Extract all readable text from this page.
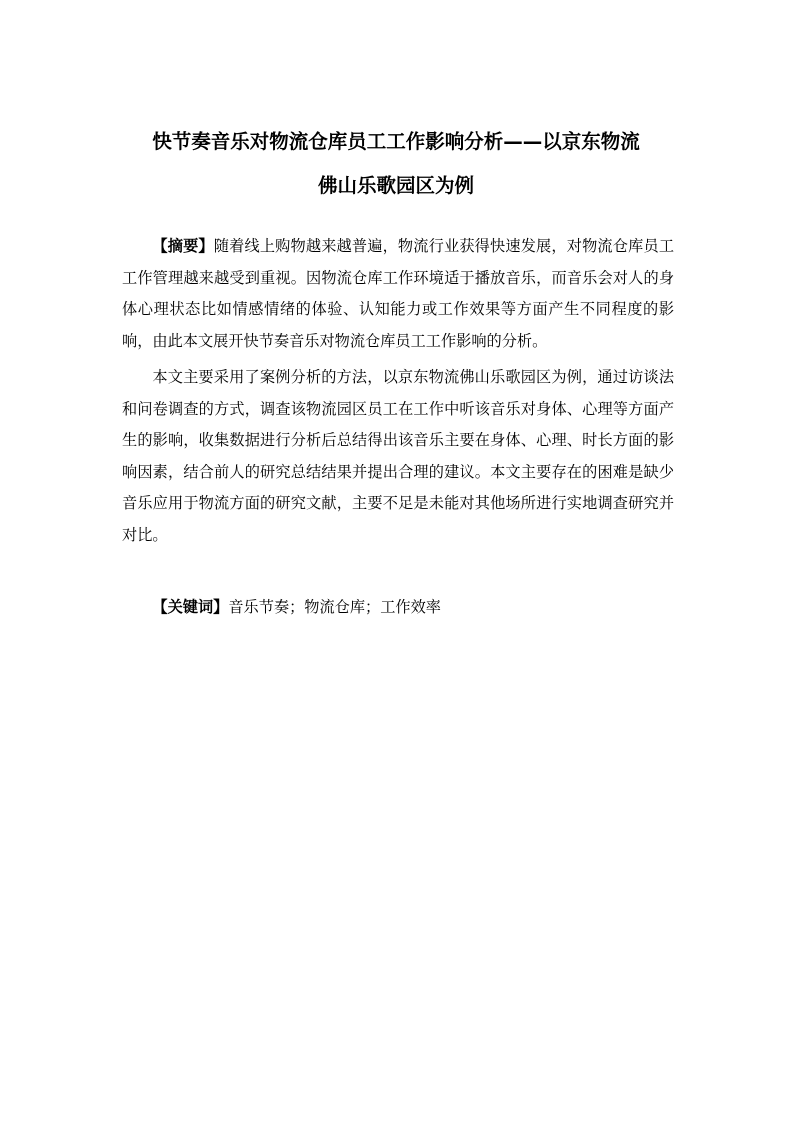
快节奏音乐对物流仓库员工工作影响分析——以京东物流
佛山乐歌园区为例

【摘要】随着线上购物越来越普遍，物流行业获得快速发展，对物流仓库员工工作管理越来越受到重视。因物流仓库工作环境适于播放音乐，而音乐会对人的身体心理状态比如情感情绪的体验、认知能力或工作效果等方面产生不同程度的影响，由此本文展开快节奏音乐对物流仓库员工工作影响的分析。

本文主要采用了案例分析的方法，以京东物流佛山乐歌园区为例，通过访谈法和问卷调查的方式，调查该物流园区员工在工作中听该音乐对身体、心理等方面产生的影响，收集数据进行分析后总结得出该音乐主要在身体、心理、时长方面的影响因素，结合前人的研究总结结果并提出合理的建议。本文主要存在的困难是缺少音乐应用于物流方面的研究文献，主要不足是未能对其他场所进行实地调查研究并对比。

【关键词】音乐节奏；物流仓库；工作效率
